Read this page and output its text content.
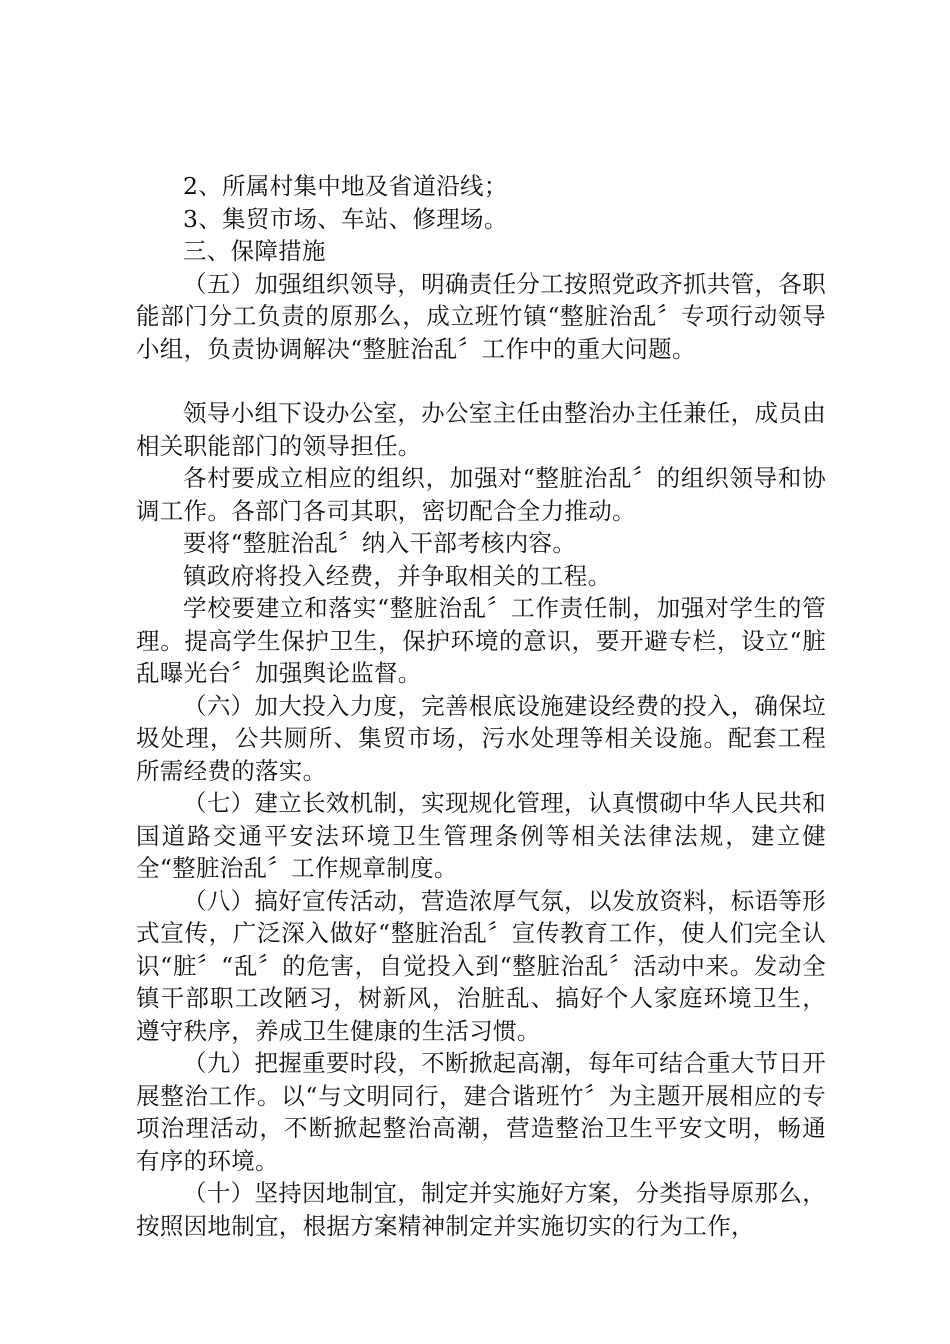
2、所属村集中地及省道沿线；

3、集贸市场、车站、修理场。

三、保障措施

（五）加强组织领导，明确责任分工按照党政齐抓共管，各职能部门分工负责的原那么，成立班竹镇“整脏治乱〞专项行动领导小组，负责协调解决“整脏治乱〞工作中的重大问题。

领导小组下设办公室，办公室主任由整治办主任兼任，成员由相关职能部门的领导担任。

各村要成立相应的组织，加强对“整脏治乱〞的组织领导和协调工作。各部门各司其职，密切配合全力推动。

要将“整脏治乱〞纳入干部考核内容。

镇政府将投入经费，并争取相关的工程。

学校要建立和落实“整脏治乱〞工作责任制，加强对学生的管理。提高学生保护卫生，保护环境的意识，要开避专栏，设立“脏乱曝光台〞加强舆论监督。

（六）加大投入力度，完善根底设施建设经费的投入，确保垃圾处理，公共厕所、集贸市场，污水处理等相关设施。配套工程所需经费的落实。

（七）建立长效机制，实现规化管理，认真惯砌中华人民共和国道路交通平安法环境卫生管理条例等相关法律法规，建立健全“整脏治乱〞工作规章制度。

（八）搞好宣传活动，营造浓厚气氛，以发放资料，标语等形式宣传，广泛深入做好“整脏治乱〞宣传教育工作，使人们完全认识“脏〞“乱〞的危害，自觉投入到“整脏治乱〞活动中来。发动全镇干部职工改陋习，树新风，治脏乱、搞好个人家庭环境卫生，遵守秩序，养成卫生健康的生活习惯。

（九）把握重要时段，不断掀起高潮，每年可结合重大节日开展整治工作。以“与文明同行，建合谐班竹〞为主题开展相应的专项治理活动，不断掀起整治高潮，营造整治卫生平安文明，畅通有序的环境。

（十）坚持因地制宜，制定并实施好方案，分类指导原那么，按照因地制宜，根据方案精神制定并实施切实的行为工作，
